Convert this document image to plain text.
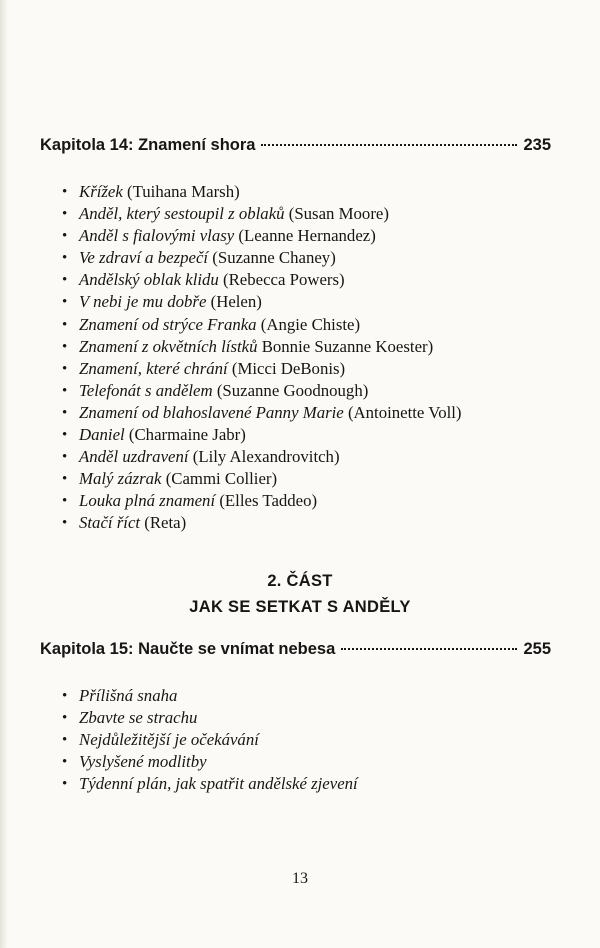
Kapitola 14: Znamení shora	235
• Křížek (Tuihana Marsh)
• Anděl, který sestoupil z oblaků (Susan Moore)
• Anděl s fialovými vlasy (Leanne Hernandez)
• Ve zdraví a bezpečí (Suzanne Chaney)
• Andělský oblak klidu (Rebecca Powers)
• V nebi je mu dobře (Helen)
• Znamení od strýce Franka (Angie Chiste)
• Znamení z okvětních lístků Bonnie Suzanne Koester)
• Znamení, které chrání (Micci DeBonis)
• Telefonát s andělem (Suzanne Goodnough)
• Znamení od blahoslavené Panny Marie (Antoinette Voll)
• Daniel (Charmaine Jabr)
• Anděl uzdravení (Lily Alexandrovitch)
• Malý zázrak (Cammi Collier)
• Louka plná znamení (Elles Taddeo)
• Stačí říct (Reta)
2. ČÁST
JAK SE SETKAT S ANDĚLY
Kapitola 15: Naučte se vnímat nebesa	255
• Přílišná snaha
• Zbavte se strachu
• Nejdůležitější je očekávání
• Vyslyšené modlitby
• Týdenní plán, jak spatřit andělské zjevení
13
